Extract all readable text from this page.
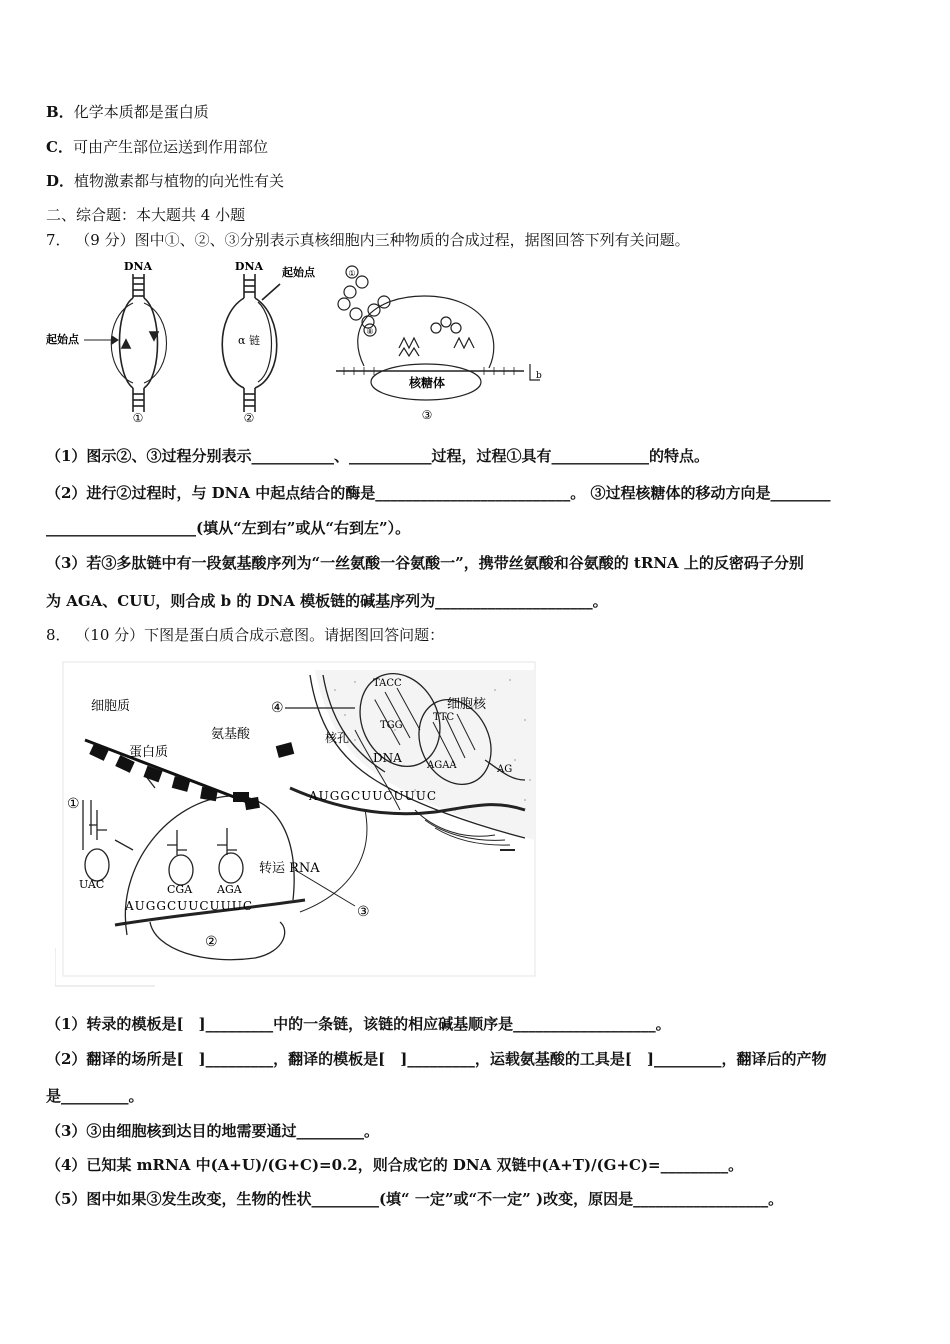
B．化学本质都是蛋白质
C．可由产生部位运送到作用部位
D．植物激素都与植物的向光性有关
二、综合题：本大题共 4 小题
7． （9 分）图中①、②、③分别表示真核细胞内三种物质的合成过程，据图回答下列有关问题。
DNA
起始点
①
DNA 起始点
α 链
②
①
⑧
b
核糖体
③
（1）图示②、③过程分别表示___________、___________过程，过程①具有_____________的特点。
（2）进行②过程时，与 DNA 中起点结合的酶是__________________________。 ③过程核糖体的移动方向是________
____________________(填从“左到右”或从“右到左”）。
（3）若③多肽链中有一段氨基酸序列为“一丝氨酸一谷氨酸一”，携带丝氨酸和谷氨酸的 tRNA 上的反密码子分别
为 AGA、CUU，则合成 b 的 DNA 模板链的碱基序列为_____________________。
8． （10 分）下图是蛋白质合成示意图。请据图回答问题：
细胞质	细胞核
氨基酸
蛋白质
核孔
DNA
转运 RNA
UAC	CGA AGA
AUGGCUUCUUUC
AUGGCUUCUUUC
TACC
TGG
TTC
AGAA	AG
①
②
③
④
（1）转录的模板是[　]_________中的一条链，该链的相应碱基顺序是___________________。
（2）翻译的场所是[　]_________，翻译的模板是[　]_________，运载氨基酸的工具是[　]_________，翻译后的产物
是_________。
（3）③由细胞核到达目的地需要通过_________。
（4）已知某 mRNA 中(A+U)/(G+C)=0.2，则合成它的 DNA 双链中(A+T)/(G+C)=_________。
（5）图中如果③发生改变，生物的性状_________(填“ 一定”或“不一定” )改变，原因是__________________。
